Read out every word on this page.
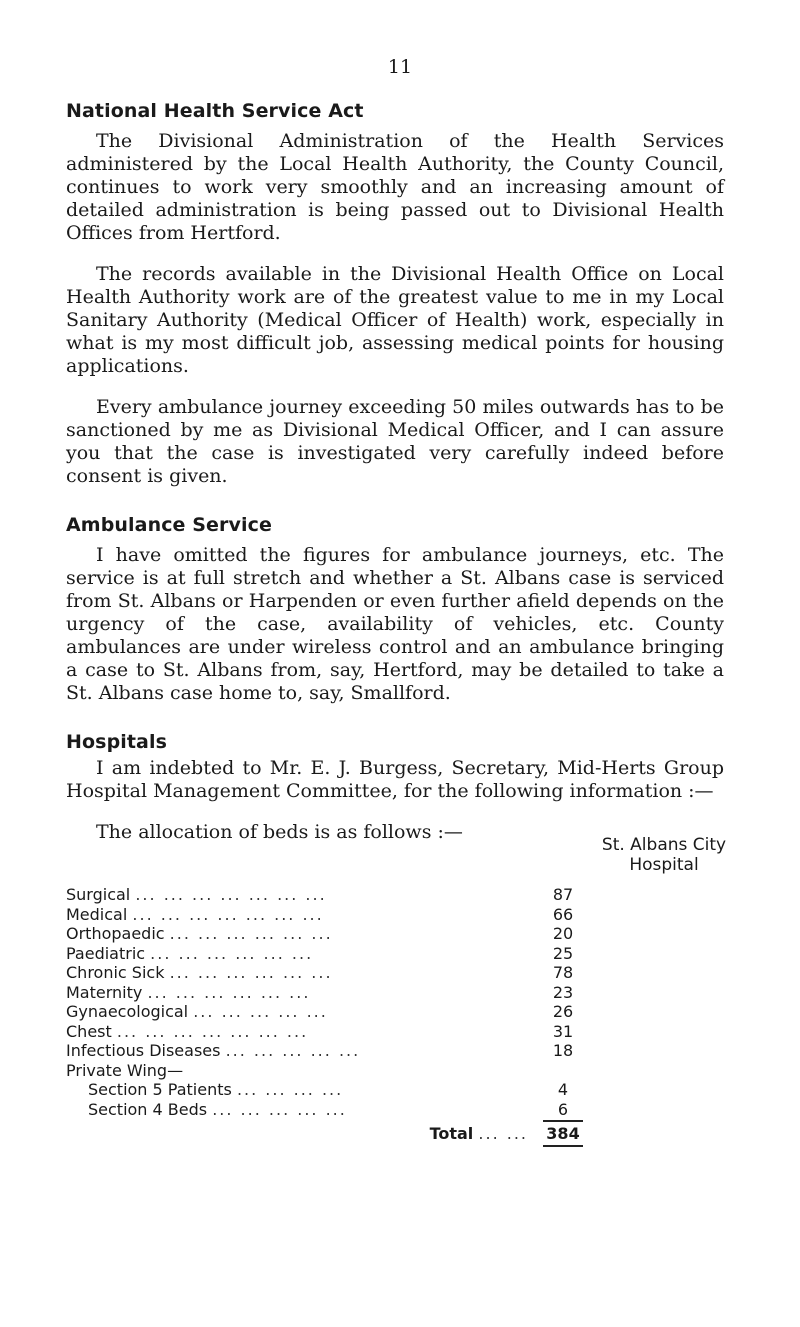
11
National Health Service Act

The Divisional Administration of the Health Services administered by the Local Health Authority, the County Council, continues to work very smoothly and an increasing amount of detailed administration is being passed out to Divisional Health Offices from Hertford.

The records available in the Divisional Health Office on Local Health Authority work are of the greatest value to me in my Local Sanitary Authority (Medical Officer of Health) work, especially in what is my most difficult job, assessing medical points for housing applications.

Every ambulance journey exceeding 50 miles outwards has to be sanctioned by me as Divisional Medical Officer, and I can assure you that the case is investigated very carefully indeed before consent is given.

Ambulance Service

I have omitted the figures for ambulance journeys, etc. The service is at full stretch and whether a St. Albans case is serviced from St. Albans or Harpenden or even further afield depends on the urgency of the case, availability of vehicles, etc. County ambulances are under wireless control and an ambulance bringing a case to St. Albans from, say, Hertford, may be detailed to take a St. Albans case home to, say, Smallford.

Hospitals

I am indebted to Mr. E. J. Burgess, Secretary, Mid-Herts Group Hospital Management Committee, for the following information :—

The allocation of beds is as follows :—
St. Albans City
Hospital
Surgical ... ... ... ... ... ... ...	87
Medical ... ... ... ... ... ... ...	66
Orthopaedic ... ... ... ... ... ...	20
Paediatric ... ... ... ... ... ...	25
Chronic Sick ... ... ... ... ... ...	78
Maternity ... ... ... ... ... ...	23
Gynaecological ... ... ... ... ...	26
Chest ... ... ... ... ... ... ...	31
Infectious Diseases ... ... ... ... ...	18
Private Wing—	
Section 5 Patients ... ... ... ...	4
Section 4 Beds ... ... ... ... ...	6

Total ... ...	384
